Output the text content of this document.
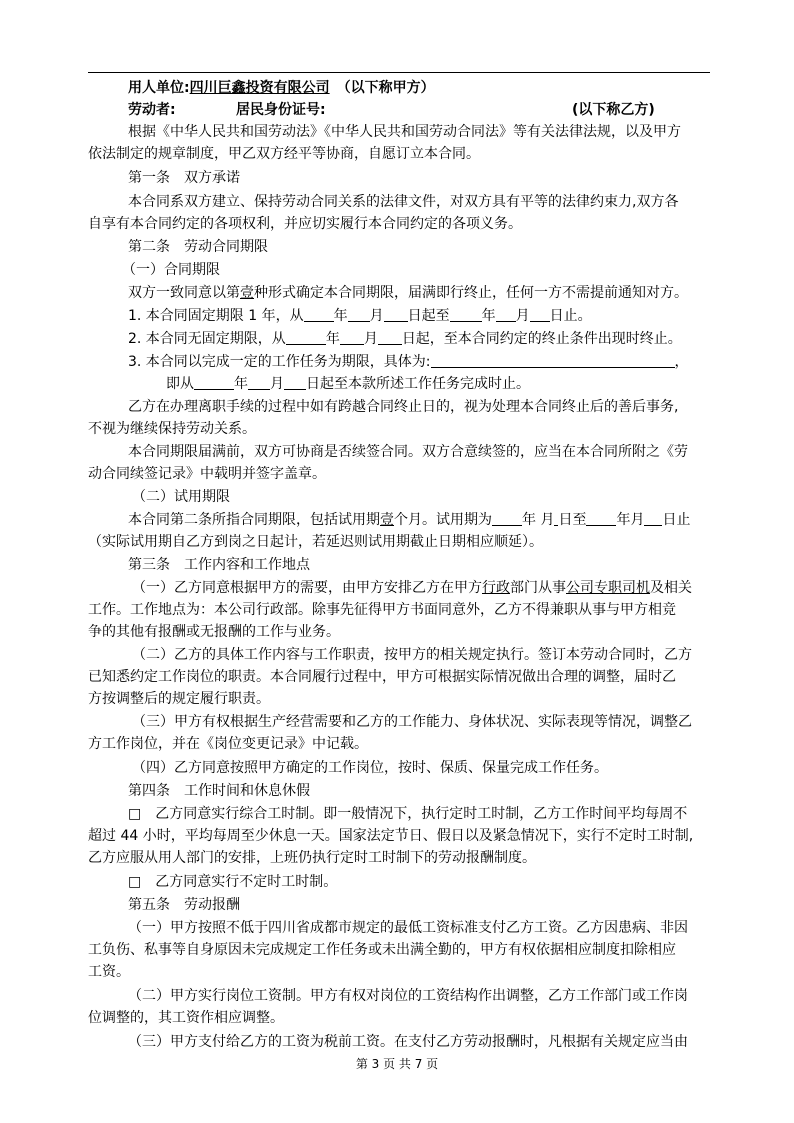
用人单位:四川巨鑫投资有限公司　 （以下称甲方）
劳动者:	居民身份证号:	(以下称乙方)
根据《中华人民共和国劳动法》《中华人民共和国劳动合同法》等有关法律法规，以及甲方
依法制定的规章制度，甲乙双方经平等协商，自愿订立本合同。
第一条　双方承诺
本合同系双方建立、保持劳动合同关系的法律文件，对双方具有平等的法律约束力,双方各
自享有本合同约定的各项权利，并应切实履行本合同约定的各项义务。
第二条　劳动合同期限
（一）合同期限
双方一致同意以第壹种形式确定本合同期限，届满即行终止，任何一方不需提前通知对方。
1. 本合同固定期限 1 年，从 年 月 日起至 年 月 日止。
2. 本合同无固定期限，从	年 月 日起，至本合同约定的终止条件出现时终止。
3. 本合同以完成一定的工作任务为期限，具体为:	，
即从	年 月 日起至本款所述工作任务完成时止。
乙方在办理离职手续的过程中如有跨越合同终止日的，视为处理本合同终止后的善后事务,
不视为继续保持劳动关系。
本合同期限届满前，双方可协商是否续签合同。双方合意续签的，应当在本合同所附之《劳
动合同续签记录》中载明并签字盖章。
（二）试用期限
本合同第二条所指合同期限，包括试用期壹个月。试用期为 年 月 日至 年月 日止
（实际试用期自乙方到岗之日起计，若延迟则试用期截止日期相应顺延）。
第三条　工作内容和工作地点
（一）乙方同意根据甲方的需要，由甲方安排乙方在甲方行政部门从事公司专职司机及相关
工作。工作地点为：本公司行政部。除事先征得甲方书面同意外，乙方不得兼职从事与甲方相竞
争的其他有报酬或无报酬的工作与业务。
（二）乙方的具体工作内容与工作职责，按甲方的相关规定执行。签订本劳动合同时，乙方
已知悉约定工作岗位的职责。本合同履行过程中，甲方可根据实际情况做出合理的调整，届时乙
方按调整后的规定履行职责。
（三）甲方有权根据生产经营需要和乙方的工作能力、身体状况、实际表现等情况，调整乙
方工作岗位，并在《岗位变更记录》中记载。
（四）乙方同意按照甲方确定的工作岗位，按时、保质、保量完成工作任务。
第四条　工作时间和休息休假
□　乙方同意实行综合工时制。即一般情况下，执行定时工时制，乙方工作时间平均每周不
超过 44 小时，平均每周至少休息一天。国家法定节日、假日以及紧急情况下，实行不定时工时制,
乙方应服从用人部门的安排，上班仍执行定时工时制下的劳动报酬制度。
□　乙方同意实行不定时工时制。
第五条　劳动报酬
（一）甲方按照不低于四川省成都市规定的最低工资标准支付乙方工资。乙方因患病、非因
工负伤、私事等自身原因未完成规定工作任务或未出满全勤的，甲方有权依据相应制度扣除相应
工资。
（二）甲方实行岗位工资制。甲方有权对岗位的工资结构作出调整，乙方工作部门或工作岗
位调整的，其工资作相应调整。
（三）甲方支付给乙方的工资为税前工资。在支付乙方劳动报酬时，凡根据有关规定应当由
第 3 页 共 7 页
